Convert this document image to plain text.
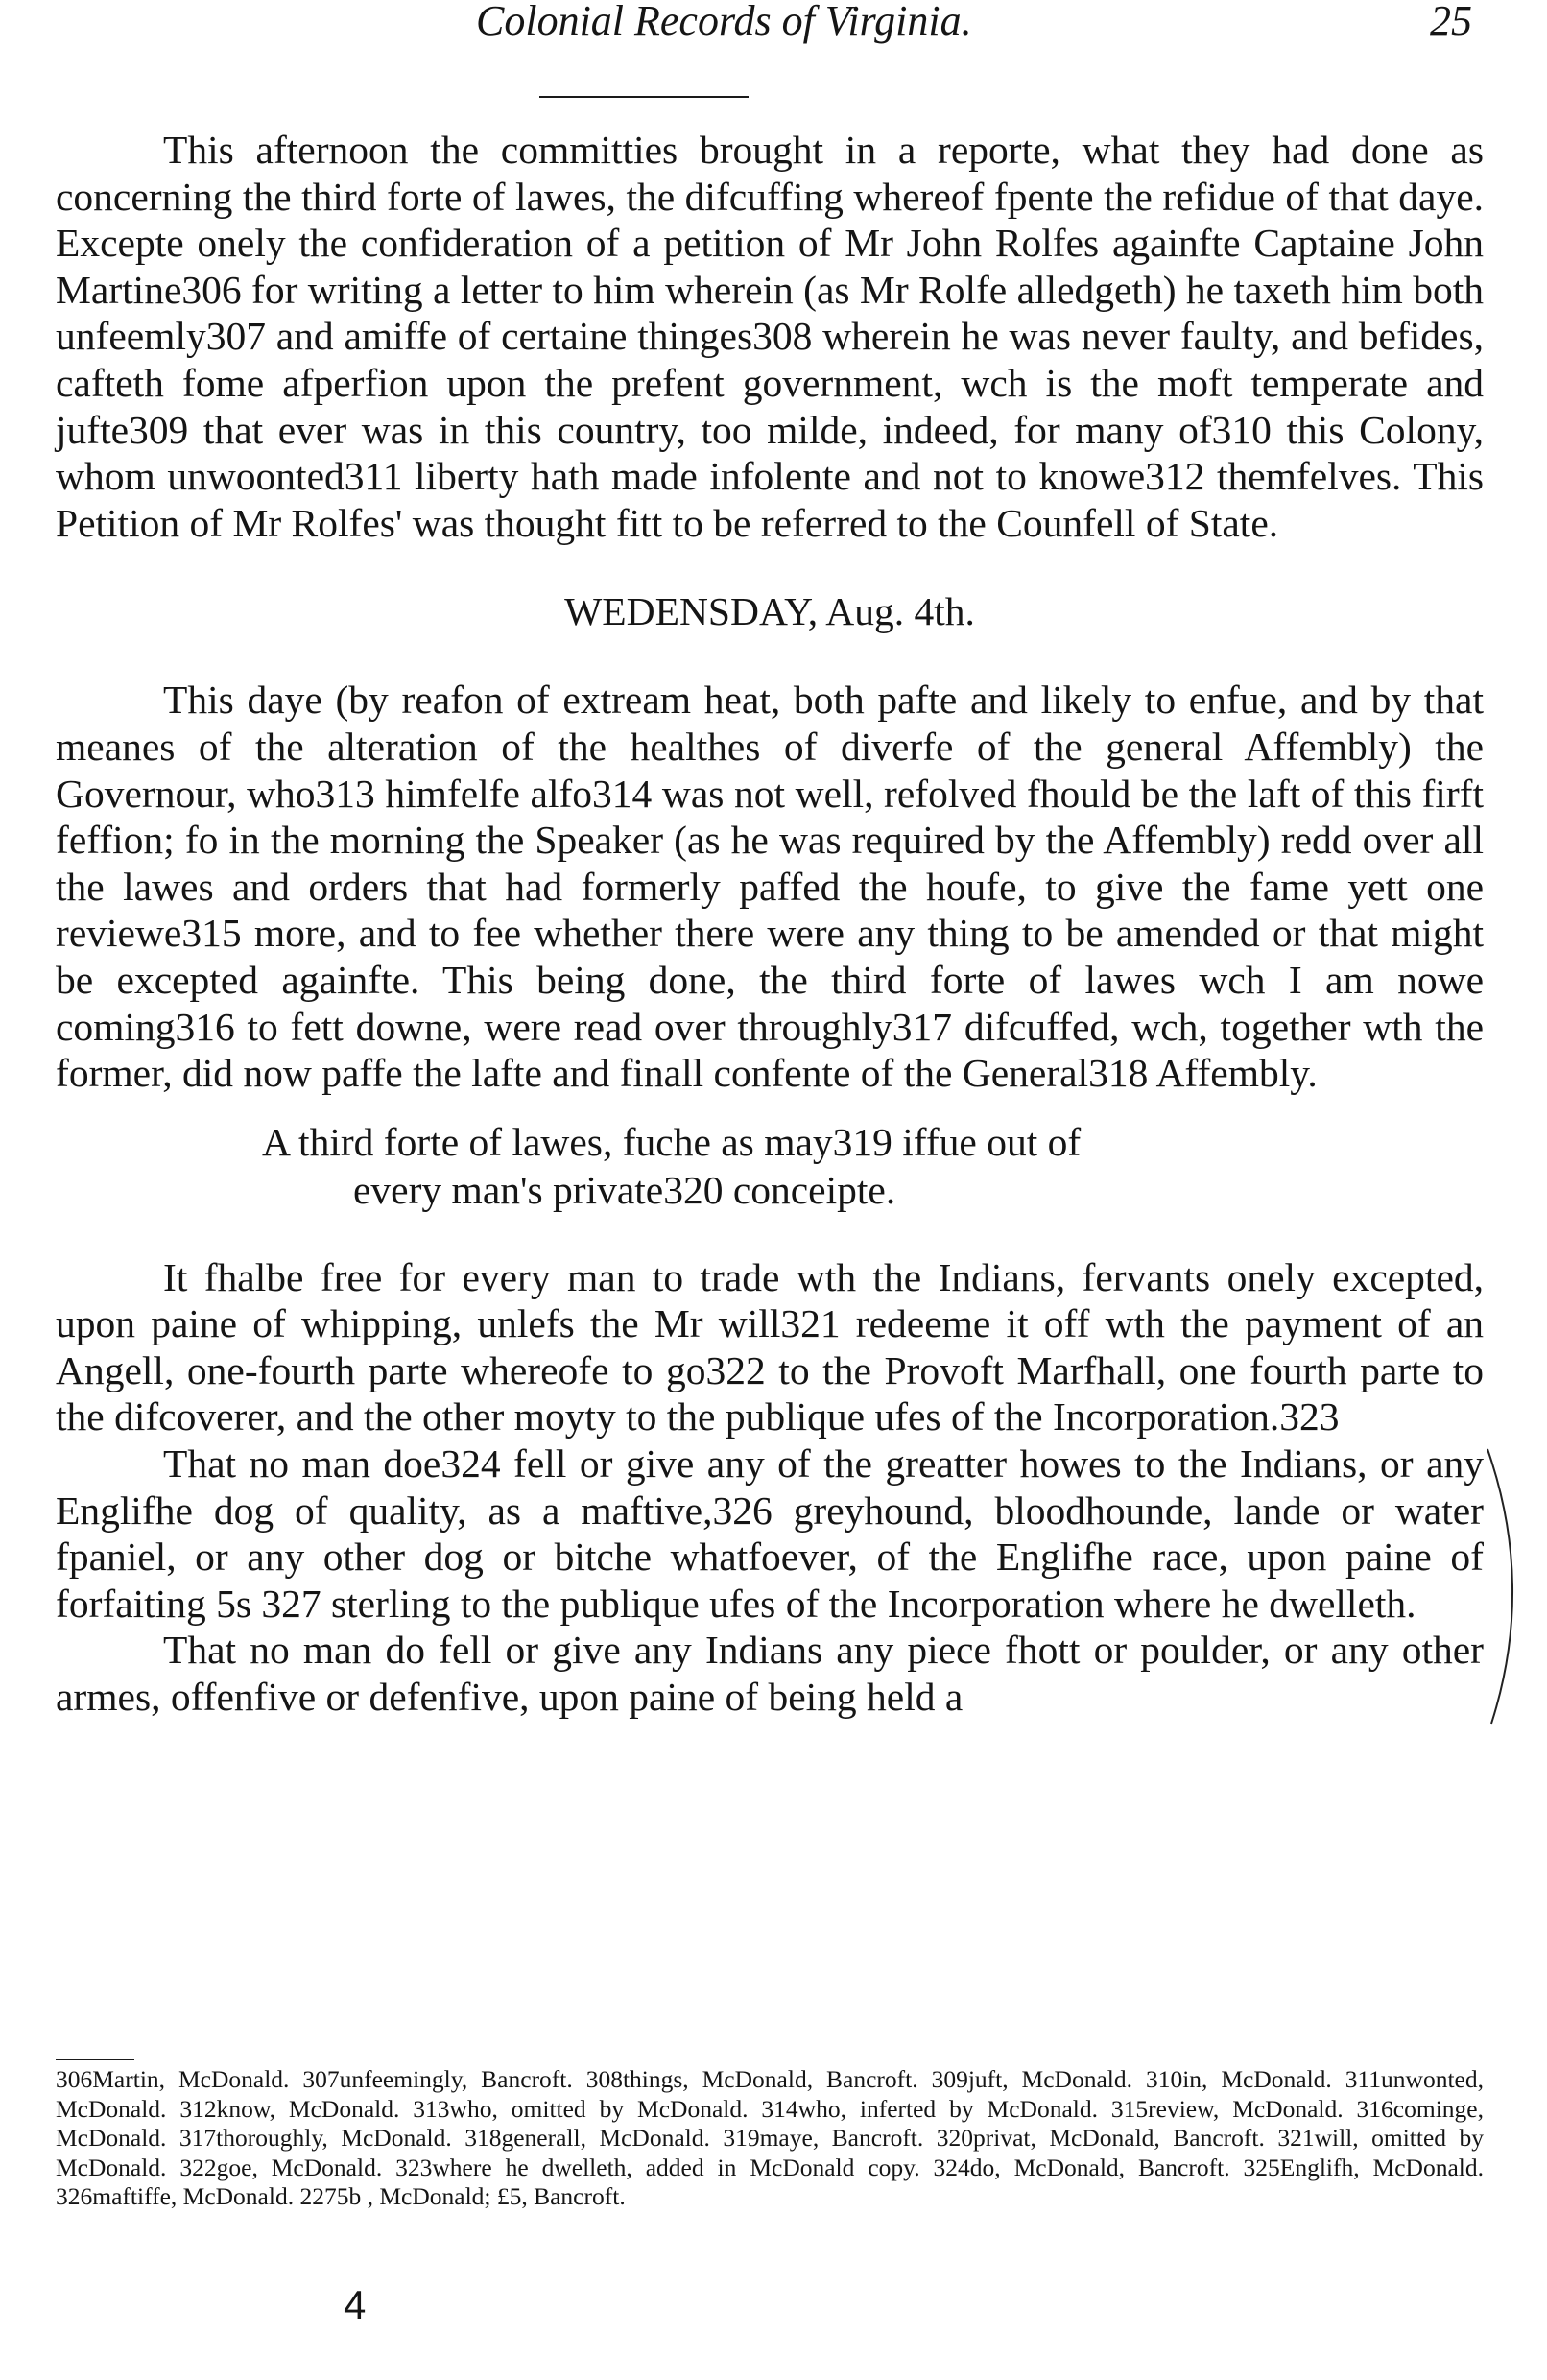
Colonial Records of Virginia.	25

This afternoon the committies brought in a reporte, what they had done as concerning the third forte of lawes, the difcuffing whereof fpente the refidue of that daye. Excepte onely the confideration of a petition of Mr John Rolfes againfte Captaine John Martine306 for writing a letter to him wherein (as Mr Rolfe alledgeth) he taxeth him both unfeemly307 and amiffe of certaine thinges308 wherein he was never faulty, and befides, cafteth fome afperfion upon the prefent government, wch is the moft temperate and jufte309 that ever was in this country, too milde, indeed, for many of310 this Colony, whom unwoonted311 liberty hath made infolente and not to knowe312 themfelves. This Petition of Mr Rolfes' was thought fitt to be referred to the Counfell of State.

WEDENSDAY, Aug. 4th.

This daye (by reafon of extream heat, both pafte and likely to enfue, and by that meanes of the alteration of the healthes of diverfe of the general Affembly) the Governour, who313 himfelfe alfo314 was not well, refolved fhould be the laft of this firft feffion; fo in the morning the Speaker (as he was required by the Affembly) redd over all the lawes and orders that had formerly paffed the houfe, to give the fame yett one reviewe315 more, and to fee whether there were any thing to be amended or that might be excepted againfte. This being done, the third forte of lawes wch I am nowe coming316 to fett downe, were read over throughly317 difcuffed, wch, together wth the former, did now paffe the lafte and finall confente of the General318 Affembly.

A third forte of lawes, fuche as may319 iffue out of
every man's private320 conceipte.

It fhalbe free for every man to trade wth the Indians, fervants onely excepted, upon paine of whipping, unlefs the Mr will321 redeeme it off wth the payment of an Angell, one-fourth parte whereofe to go322 to the Provoft Marfhall, one fourth parte to the difcoverer, and the other moyty to the publique ufes of the Incorporation.323

That no man doe324 fell or give any of the greatter howes to the Indians, or any Englifhe dog of quality, as a maftive,326 greyhound, bloodhounde, lande or water fpaniel, or any other dog or bitche whatfoever, of the Englifhe race, upon paine of forfaiting 5s 327 sterling to the publique ufes of the Incorporation where he dwelleth.

That no man do fell or give any Indians any piece fhott or poulder, or any other armes, offenfive or defenfive, upon paine of being held a

306Martin, McDonald. 307unfeemingly, Bancroft. 308things, McDonald, Bancroft. 309juft, McDonald. 310in, McDonald. 311unwonted, McDonald. 312know, McDonald. 313who, omitted by McDonald. 314who, inferted by McDonald. 315review, McDonald. 316cominge, McDonald. 317thoroughly, McDonald. 318generall, McDonald. 319maye, Bancroft. 320privat, McDonald, Bancroft. 321will, omitted by McDonald. 322goe, McDonald. 323where he dwelleth, added in McDonald copy. 324do, McDonald, Bancroft. 325Englifh, McDonald. 326maftiffe, McDonald. 2275b , McDonald; £5, Bancroft.
4
